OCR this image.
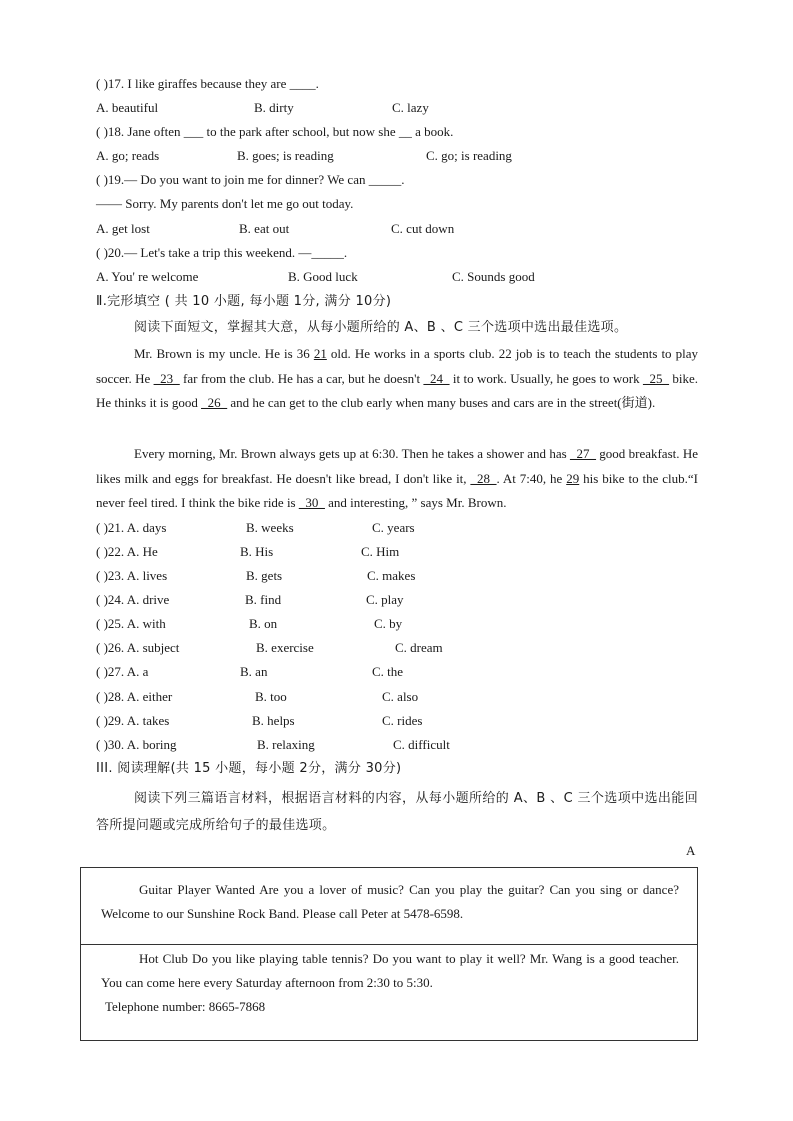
( )17. I like giraffes because they are ____.
A. beautiful	B. dirty	C. lazy
( )18. Jane often ___ to the park after school, but now she __ a book.
A. go; reads	B. goes; is reading	C. go; is reading
( )19.— Do you want to join me for dinner? We can _____.
—— Sorry. My parents don't let me go out today.
A. get lost	B. eat out	C. cut down
( )20.— Let's take a trip this weekend. —_____.
A. You' re welcome	B. Good luck	C. Sounds good
Ⅱ.完形填空 ( 共 10 小题, 每小题 1分, 满分 10分)
阅读下面短文，掌握其大意，从每小题所给的 A、B 、C 三个选项中选出最佳选项。
Mr. Brown is my uncle. He is 36 21 old. He works in a sports club. 22 job is to teach the students to play soccer. He _23_ far from the club. He has a car, but he doesn't _24_ it to work. Usually, he goes to work _25_ bike. He thinks it is good _26_ and he can get to the club early when many buses and cars are in the street(街道).
Every morning, Mr. Brown always gets up at 6:30. Then he takes a shower and has _27_ good breakfast. He likes milk and eggs for breakfast. He doesn't like bread, I don't like it, _28_. At 7:40, he 29 his bike to the club.“I never feel tired. I think the bike ride is _30_ and interesting, ” says Mr. Brown.
( )21. A. days	B. weeks	C. years
( )22. A. He	B. His	C. Him
( )23. A. lives	B. gets	C. makes
( )24. A. drive	B. find	C. play
( )25. A. with	B. on	C. by
( )26. A. subject	B. exercise	C. dream
( )27. A. a	B. an	C. the
( )28. A. either	B. too	C. also
( )29. A. takes	B. helps	C. rides
( )30. A. boring	B. relaxing	C. difficult
III. 阅读理解(共 15 小题，每小题 2分，满分 30分)
阅读下列三篇语言材料，根据语言材料的内容，从每小题所给的 A、B 、C 三个选项中选出能回答所提问题或完成所给句子的最佳选项。
A
Guitar Player Wanted Are you a lover of music? Can you play the guitar? Can you sing or dance? Welcome to our Sunshine Rock Band. Please call Peter at 5478-6598.
Hot Club Do you like playing table tennis? Do you want to play it well? Mr. Wang is a good teacher. You can come here every Saturday afternoon from 2:30 to 5:30.
Telephone number: 8665-7868
